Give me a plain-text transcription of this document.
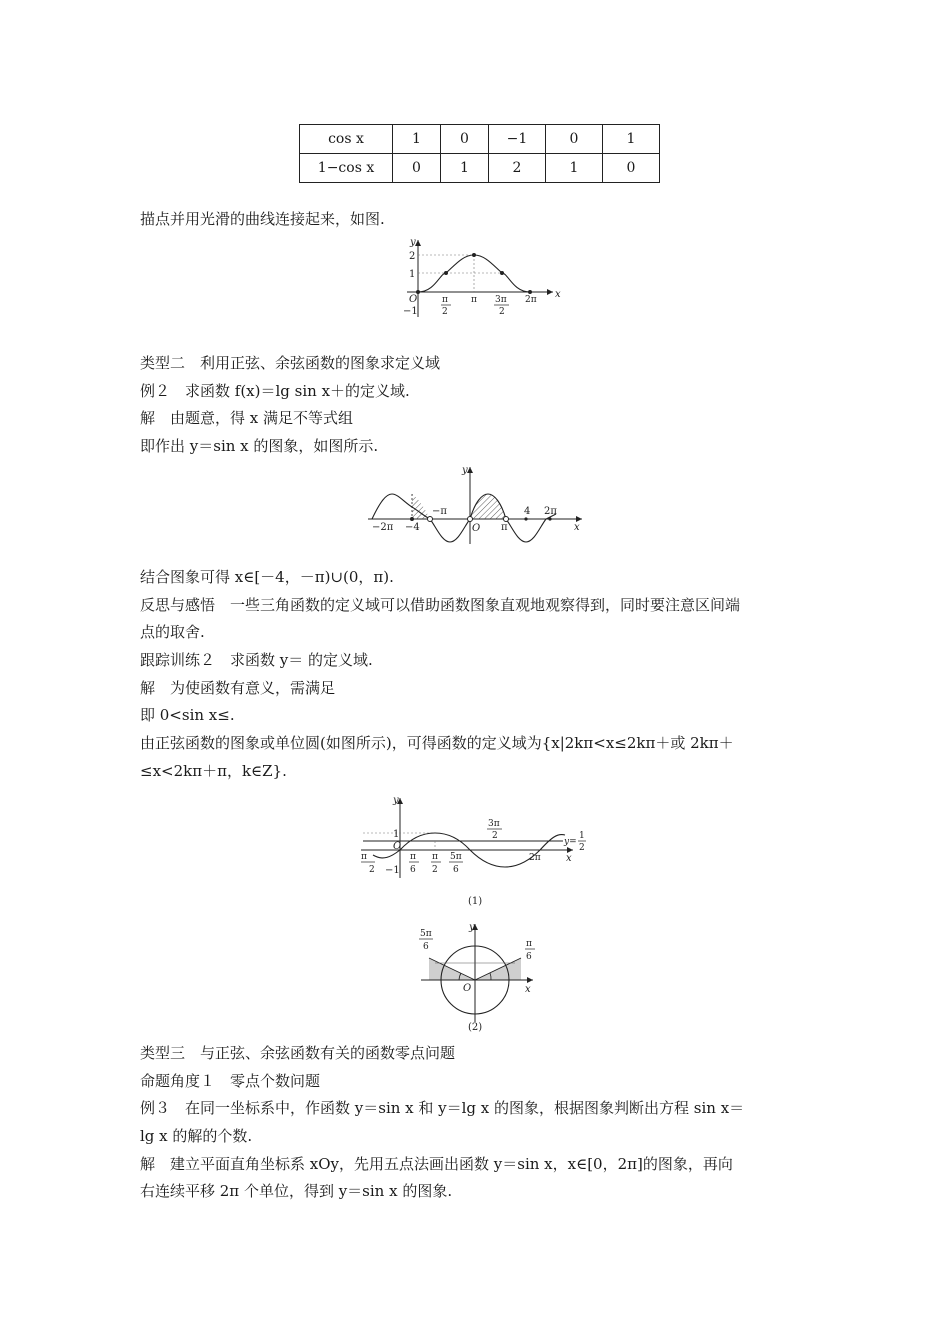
cos x	1	0	−1	0	1
1−cos x	0	1	2	1	0
描点并用光滑的曲线连接起来，如图.
y
x
O
2
1
−1
π
2
π 3π
2
2π
类型二　利用正弦、余弦函数的图象求定义域
例２　求函数 f(x)＝lg sin x＋的定义域.
解　由题意，得 x 满足不等式组
即作出 y＝sin x 的图象，如图所示.
y
x
O
−2π −4
−π
π
4 2π
结合图象可得 x∈[－4，－π)∪(0，π).
反思与感悟　一些三角函数的定义域可以借助函数图象直观地观察得到，同时要注意区间端
点的取舍.
跟踪训练２　求函数 y＝ 的定义域.
解　为使函数有意义，需满足
即 0<sin x≤.
由正弦函数的图象或单位圆(如图所示)，可得函数的定义域为{x|2kπ<x≤2kπ＋或 2kπ＋
≤x<2kπ＋π，k∈Z}.
y
x
O
1
−1
π
2
π
6
π
2
5π
6
3π
2
2π
y=
1
2
(1)
y
x
O
5π
6	π
6
(2)
类型三　与正弦、余弦函数有关的函数零点问题
命题角度１　零点个数问题
例３　在同一坐标系中，作函数 y＝sin x 和 y＝lg x 的图象，根据图象判断出方程 sin x＝
lg x 的解的个数.
解　建立平面直角坐标系 xOy，先用五点法画出函数 y＝sin x，x∈[0，2π]的图象，再向
右连续平移 2π 个单位，得到 y＝sin x 的图象.
